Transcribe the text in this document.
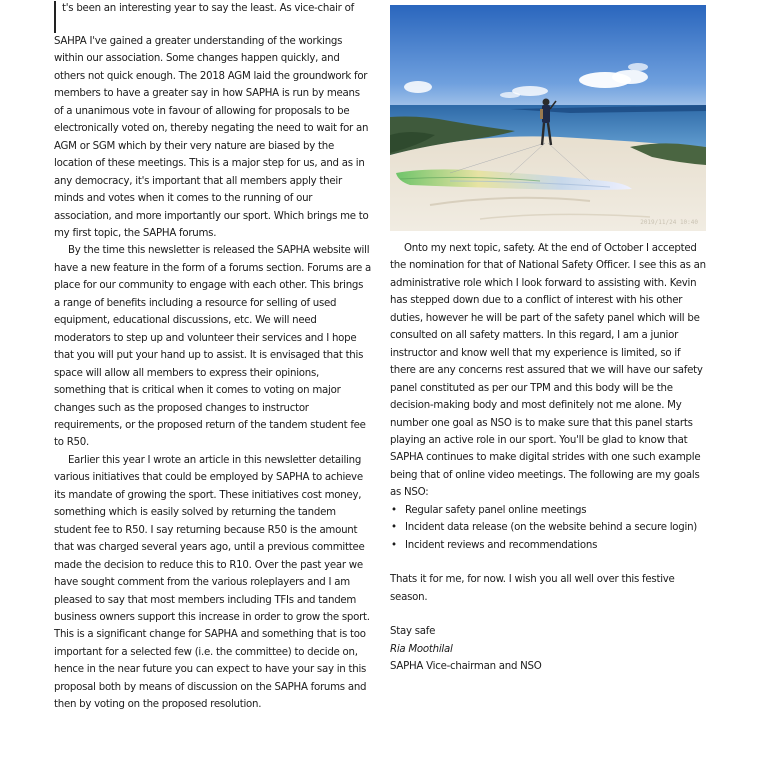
t's been an interesting year to say the least. As vice-chair of SAHPA I've gained a greater understanding of the workings within our association. Some changes happen quickly, and others not quick enough. The 2018 AGM laid the groundwork for members to have a greater say in how SAPHA is run by means of a unanimous vote in favour of allowing for proposals to be electronically voted on, thereby negating the need to wait for an AGM or SGM which by their very nature are biased by the location of these meetings. This is a major step for us, and as in any democracy, it's important that all members apply their minds and votes when it comes to the running of our association, and more importantly our sport. Which brings me to my first topic, the SAPHA forums.

By the time this newsletter is released the SAPHA website will have a new feature in the form of a forums section. Forums are a place for our community to engage with each other. This brings a range of benefits including a resource for selling of used equipment, educational discussions, etc. We will need moderators to step up and volunteer their services and I hope that you will put your hand up to assist. It is envisaged that this space will allow all members to express their opinions, something that is critical when it comes to voting on major changes such as the proposed changes to instructor requirements, or the proposed return of the tandem student fee to R50.

Earlier this year I wrote an article in this newsletter detailing various initiatives that could be employed by SAPHA to achieve its mandate of growing the sport. These initiatives cost money, something which is easily solved by returning the tandem student fee to R50. I say returning because R50 is the amount that was charged several years ago, until a previous committee made the decision to reduce this to R10. Over the past year we have sought comment from the various roleplayers and I am pleased to say that most members including TFIs and tandem business owners support this increase in order to grow the sport. This is a significant change for SAPHA and something that is too important for a selected few (i.e. the committee) to decide on, hence in the near future you can expect to have your say in this proposal both by means of discussion on the SAPHA forums and then by voting on the proposed resolution.

2019/11/24 10:40

Onto my next topic, safety. At the end of October I accepted the nomination for that of National Safety Officer. I see this as an administrative role which I look forward to assisting with. Kevin has stepped down due to a conflict of interest with his other duties, however he will be part of the safety panel which will be consulted on all safety matters. In this regard, I am a junior instructor and know well that my experience is limited, so if there are any concerns rest assured that we will have our safety panel constituted as per our TPM and this body will be the decision-making body and most definitely not me alone. My number one goal as NSO is to make sure that this panel starts playing an active role in our sport. You'll be glad to know that SAPHA continues to make digital strides with one such example being that of online video meetings. The following are my goals as NSO:

• Regular safety panel online meetings
• Incident data release (on the website behind a secure login)
• Incident reviews and recommendations

Thats it for me, for now. I wish you all well over this festive season.

Stay safe

Ria Moothilal

SAPHA Vice-chairman and NSO
